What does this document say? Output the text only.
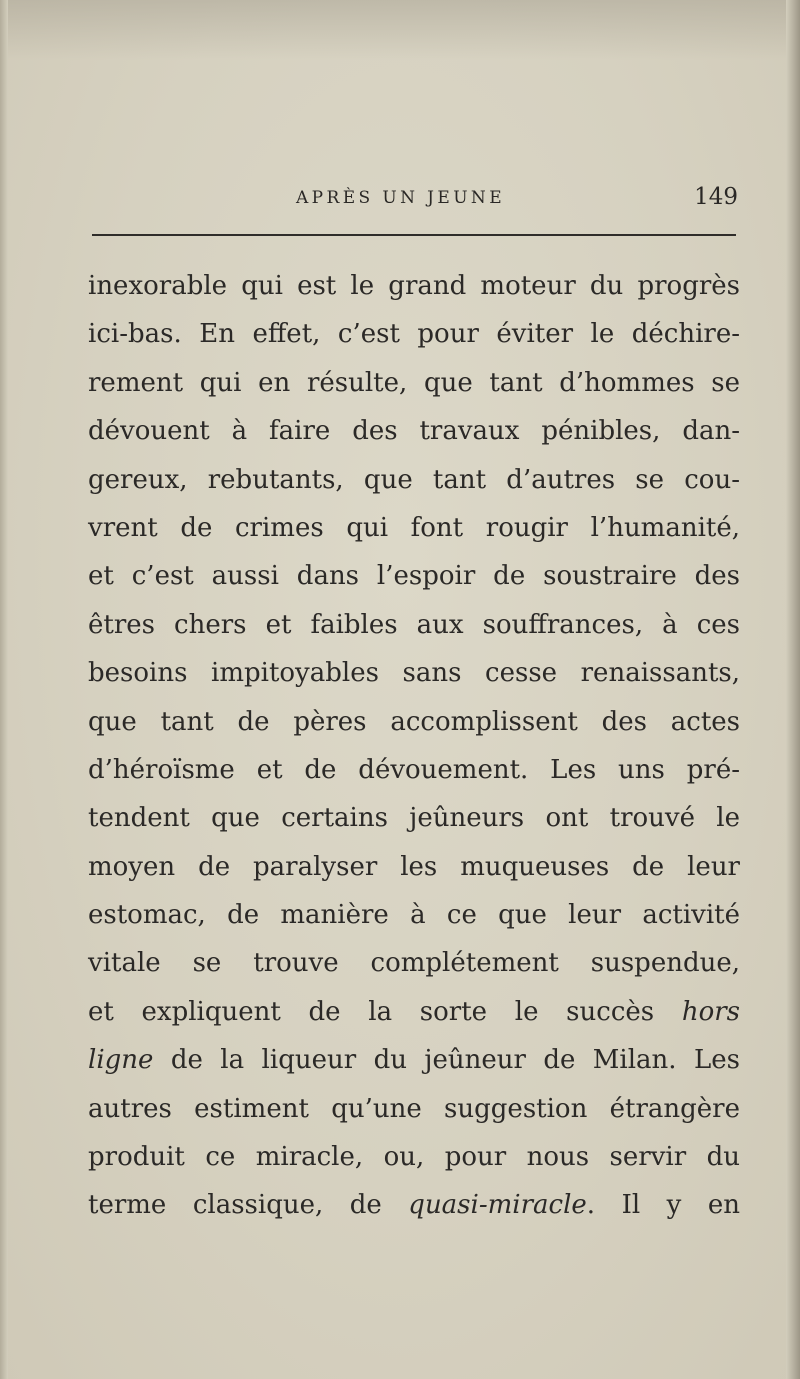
APRÈS UN JEUNE	149
inexorable qui est le grand moteur du progrès
ici-bas. En effet, c’est pour éviter le déchire-
rement qui en résulte, que tant d’hommes se
dévouent à faire des travaux pénibles, dan-
gereux, rebutants, que tant d’autres se cou-
vrent de crimes qui font rougir l’humanité,
et c’est aussi dans l’espoir de soustraire des
êtres chers et faibles aux souffrances, à ces
besoins impitoyables sans cesse renaissants,
que tant de pères accomplissent des actes
d’héroïsme et de dévouement. Les uns pré-
tendent que certains jeûneurs ont trouvé le
moyen de paralyser les muqueuses de leur
estomac, de manière à ce que leur activité
vitale se trouve complétement suspendue,
et expliquent de la sorte le succès hors
ligne de la liqueur du jeûneur de Milan. Les
autres estiment qu’une suggestion étrangère
produit ce miracle, ou, pour nous servir du
terme classique, de quasi-miracle. Il y en
